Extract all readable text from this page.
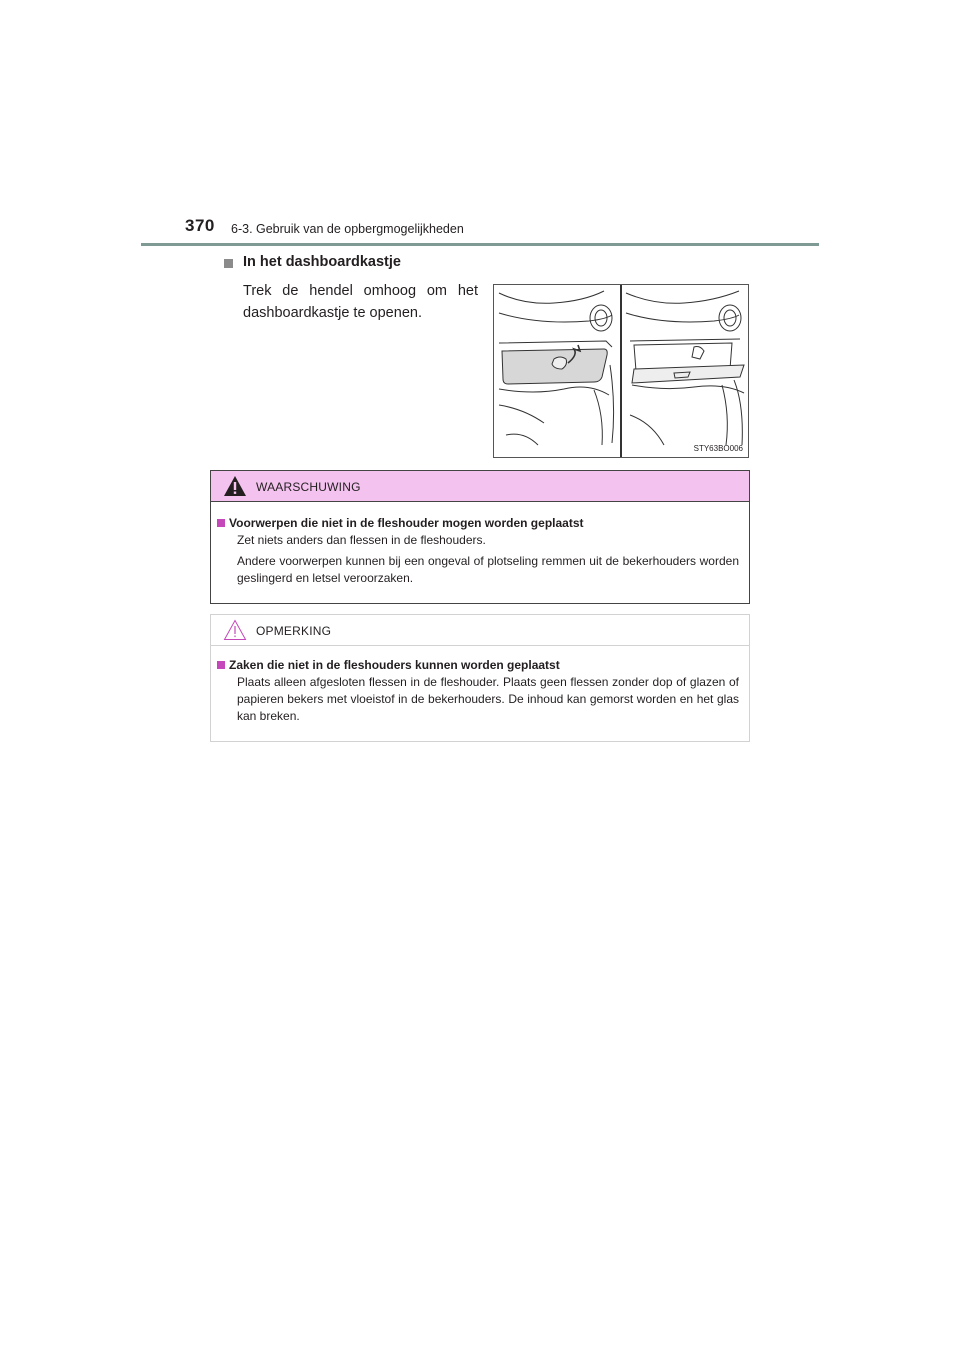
370 6-3. Gebruik van de opbergmogelijkheden
In het dashboardkastje
Trek de hendel omhoog om het dashboardkastje te openen.
STY63BO006
WAARSCHUWING
Voorwerpen die niet in de fleshouder mogen worden geplaatst

Zet niets anders dan flessen in de fleshouders.

Andere voorwerpen kunnen bij een ongeval of plotseling remmen uit de bekerhouders worden geslingerd en letsel veroorzaken.

OPMERKING
Zaken die niet in de fleshouders kunnen worden geplaatst

Plaats alleen afgesloten flessen in de fleshouder. Plaats geen flessen zonder dop of glazen of papieren bekers met vloeistof in de bekerhouders. De inhoud kan gemorst worden en het glas kan breken.
